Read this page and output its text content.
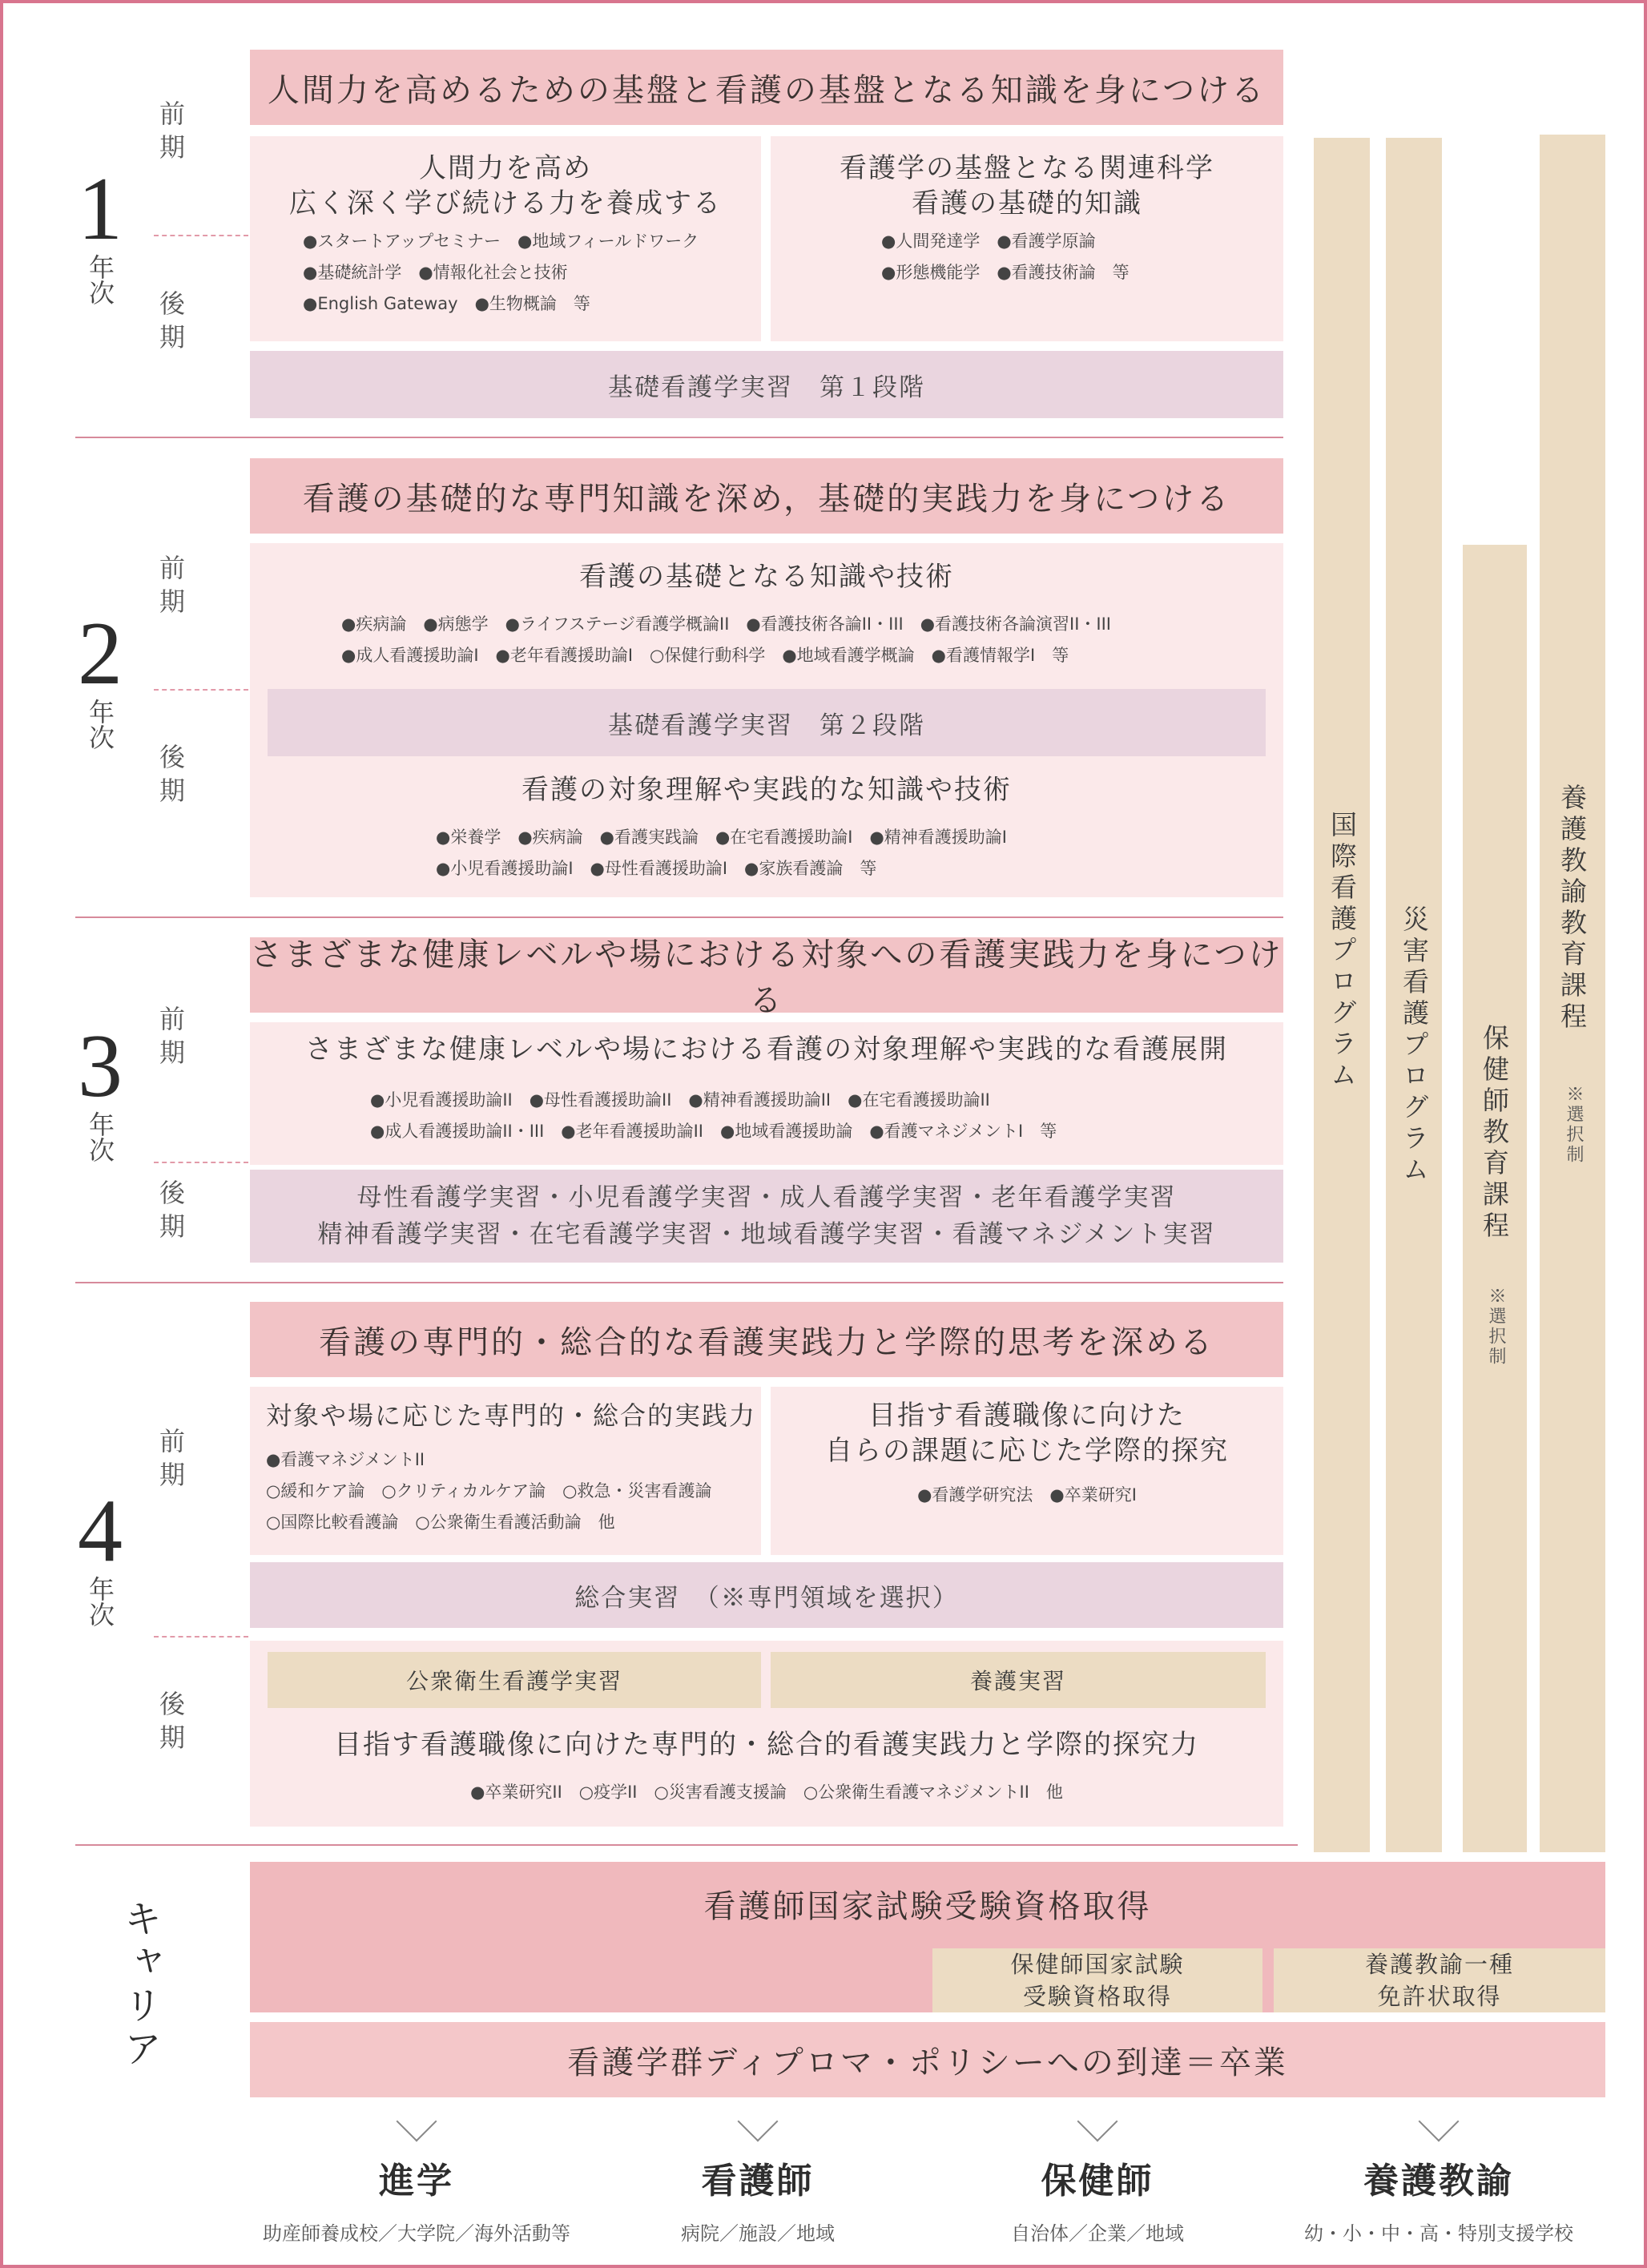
1
年次
前期
後期
2
年次
前期
後期
3
年次
前期
後期
4
年次
前期
後期
人間力を高めるための基盤と看護の基盤となる知識を身につける
人間力を高め
広く深く学び続ける力を養成する
●スタートアップセミナー　●地域フィールドワーク
●基礎統計学　●情報化社会と技術
●English Gateway　●生物概論　等
看護学の基盤となる関連科学
看護の基礎的知識
●人間発達学　●看護学原論
●形態機能学　●看護技術論　等
基礎看護学実習　第１段階
看護の基礎的な専門知識を深め，基礎的実践力を身につける
看護の基礎となる知識や技術
●疾病論　●病態学　●ライフステージ看護学概論II　●看護技術各論II・III　●看護技術各論演習II・III
●成人看護援助論I　●老年看護援助論I　○保健行動科学　●地域看護学概論　●看護情報学I　等
基礎看護学実習　第２段階
看護の対象理解や実践的な知識や技術
●栄養学　●疾病論　●看護実践論　●在宅看護援助論I　●精神看護援助論I
●小児看護援助論I　●母性看護援助論I　●家族看護論　等
さまざまな健康レベルや場における対象への看護実践力を身につける
さまざまな健康レベルや場における看護の対象理解や実践的な看護展開
●小児看護援助論II　●母性看護援助論II　●精神看護援助論II　●在宅看護援助論II
●成人看護援助論II・III　●老年看護援助論II　●地域看護援助論　●看護マネジメントI　等
母性看護学実習・小児看護学実習・成人看護学実習・老年看護学実習
精神看護学実習・在宅看護学実習・地域看護学実習・看護マネジメント実習
看護の専門的・総合的な看護実践力と学際的思考を深める
対象や場に応じた専門的・総合的実践力
●看護マネジメントII
○緩和ケア論　○クリティカルケア論　○救急・災害看護論
○国際比較看護論　○公衆衛生看護活動論　他
目指す看護職像に向けた
自らの課題に応じた学際的探究
●看護学研究法　●卒業研究I
総合実習　（※専門領域を選択）
公衆衛生看護学実習	養護実習
目指す看護職像に向けた専門的・総合的看護実践力と学際的探究力
●卒業研究II　○疫学II　○災害看護支援論　○公衆衛生看護マネジメントII　他
国際看護プログラム 災害看護プログラム 保健師教育課程
※選択制
養護教諭教育課程
※選択制
キャリア	看護師国家試験受験資格取得
保健師国家試験
受験資格取得
養護教諭一種
免許状取得
看護学群ディプロマ・ポリシーへの到達＝卒業
進学
助産師養成校／大学院／海外活動等
看護師
病院／施設／地域
保健師
自治体／企業／地域
養護教諭
幼・小・中・高・特別支援学校
